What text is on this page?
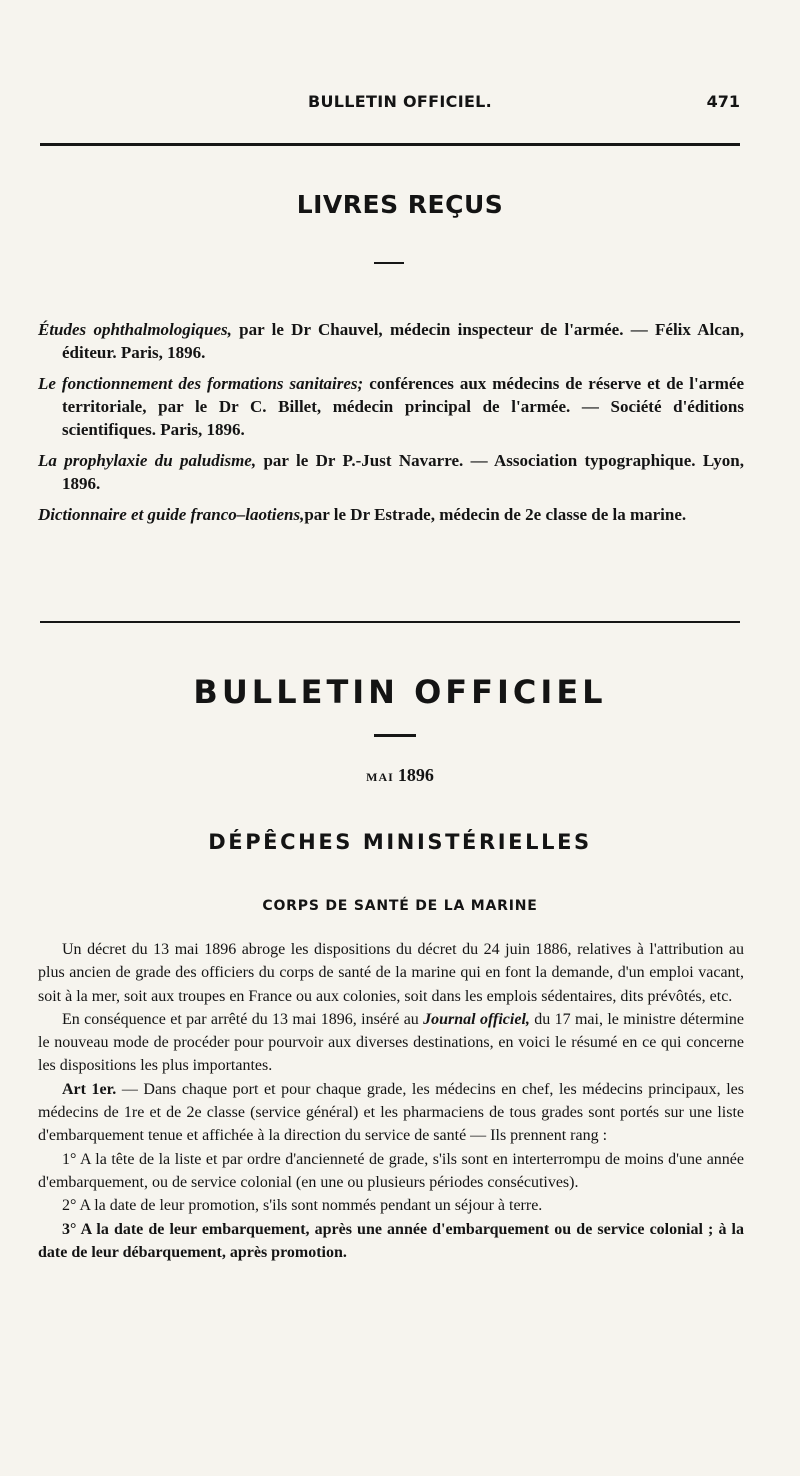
BULLETIN OFFICIEL.	471
LIVRES REÇUS

Études ophthalmologiques, par le Dr Chauvel, médecin inspecteur de l'armée. — Félix Alcan, éditeur. Paris, 1896.

Le fonctionnement des formations sanitaires; conférences aux médecins de réserve et de l'armée territoriale, par le Dr C. Billet, médecin principal de l'armée. — Société d'éditions scientifiques. Paris, 1896.

La prophylaxie du paludisme, par le Dr P.-Just Navarre. — Association typographique. Lyon, 1896.

Dictionnaire et guide franco–laotiens,par le Dr Estrade, médecin de 2e classe de la marine.

BULLETIN OFFICIEL
MAI 1896
DÉPÊCHES MINISTÉRIELLES
CORPS DE SANTÉ DE LA MARINE

Un décret du 13 mai 1896 abroge les dispositions du décret du 24 juin 1886, relatives à l'attribution au plus ancien de grade des officiers du corps de santé de la marine qui en font la demande, d'un emploi vacant, soit à la mer, soit aux troupes en France ou aux colonies, soit dans les emplois sédentaires, dits prévôtés, etc.

En conséquence et par arrêté du 13 mai 1896, inséré au Journal officiel, du 17 mai, le ministre détermine le nouveau mode de procéder pour pourvoir aux diverses destinations, en voici le résumé en ce qui concerne les dispositions les plus importantes.

Art 1er. — Dans chaque port et pour chaque grade, les médecins en chef, les médecins principaux, les médecins de 1re et de 2e classe (service général) et les pharmaciens de tous grades sont portés sur une liste d'embarquement tenue et affichée à la direction du service de santé — Ils prennent rang :

1° A la tête de la liste et par ordre d'ancienneté de grade, s'ils sont en interterrompu de moins d'une année d'embarquement, ou de service colonial (en une ou plusieurs périodes consécutives).

2° A la date de leur promotion, s'ils sont nommés pendant un séjour à terre.

3° A la date de leur embarquement, après une année d'embarquement ou de service colonial ; à la date de leur débarquement, après promotion.
